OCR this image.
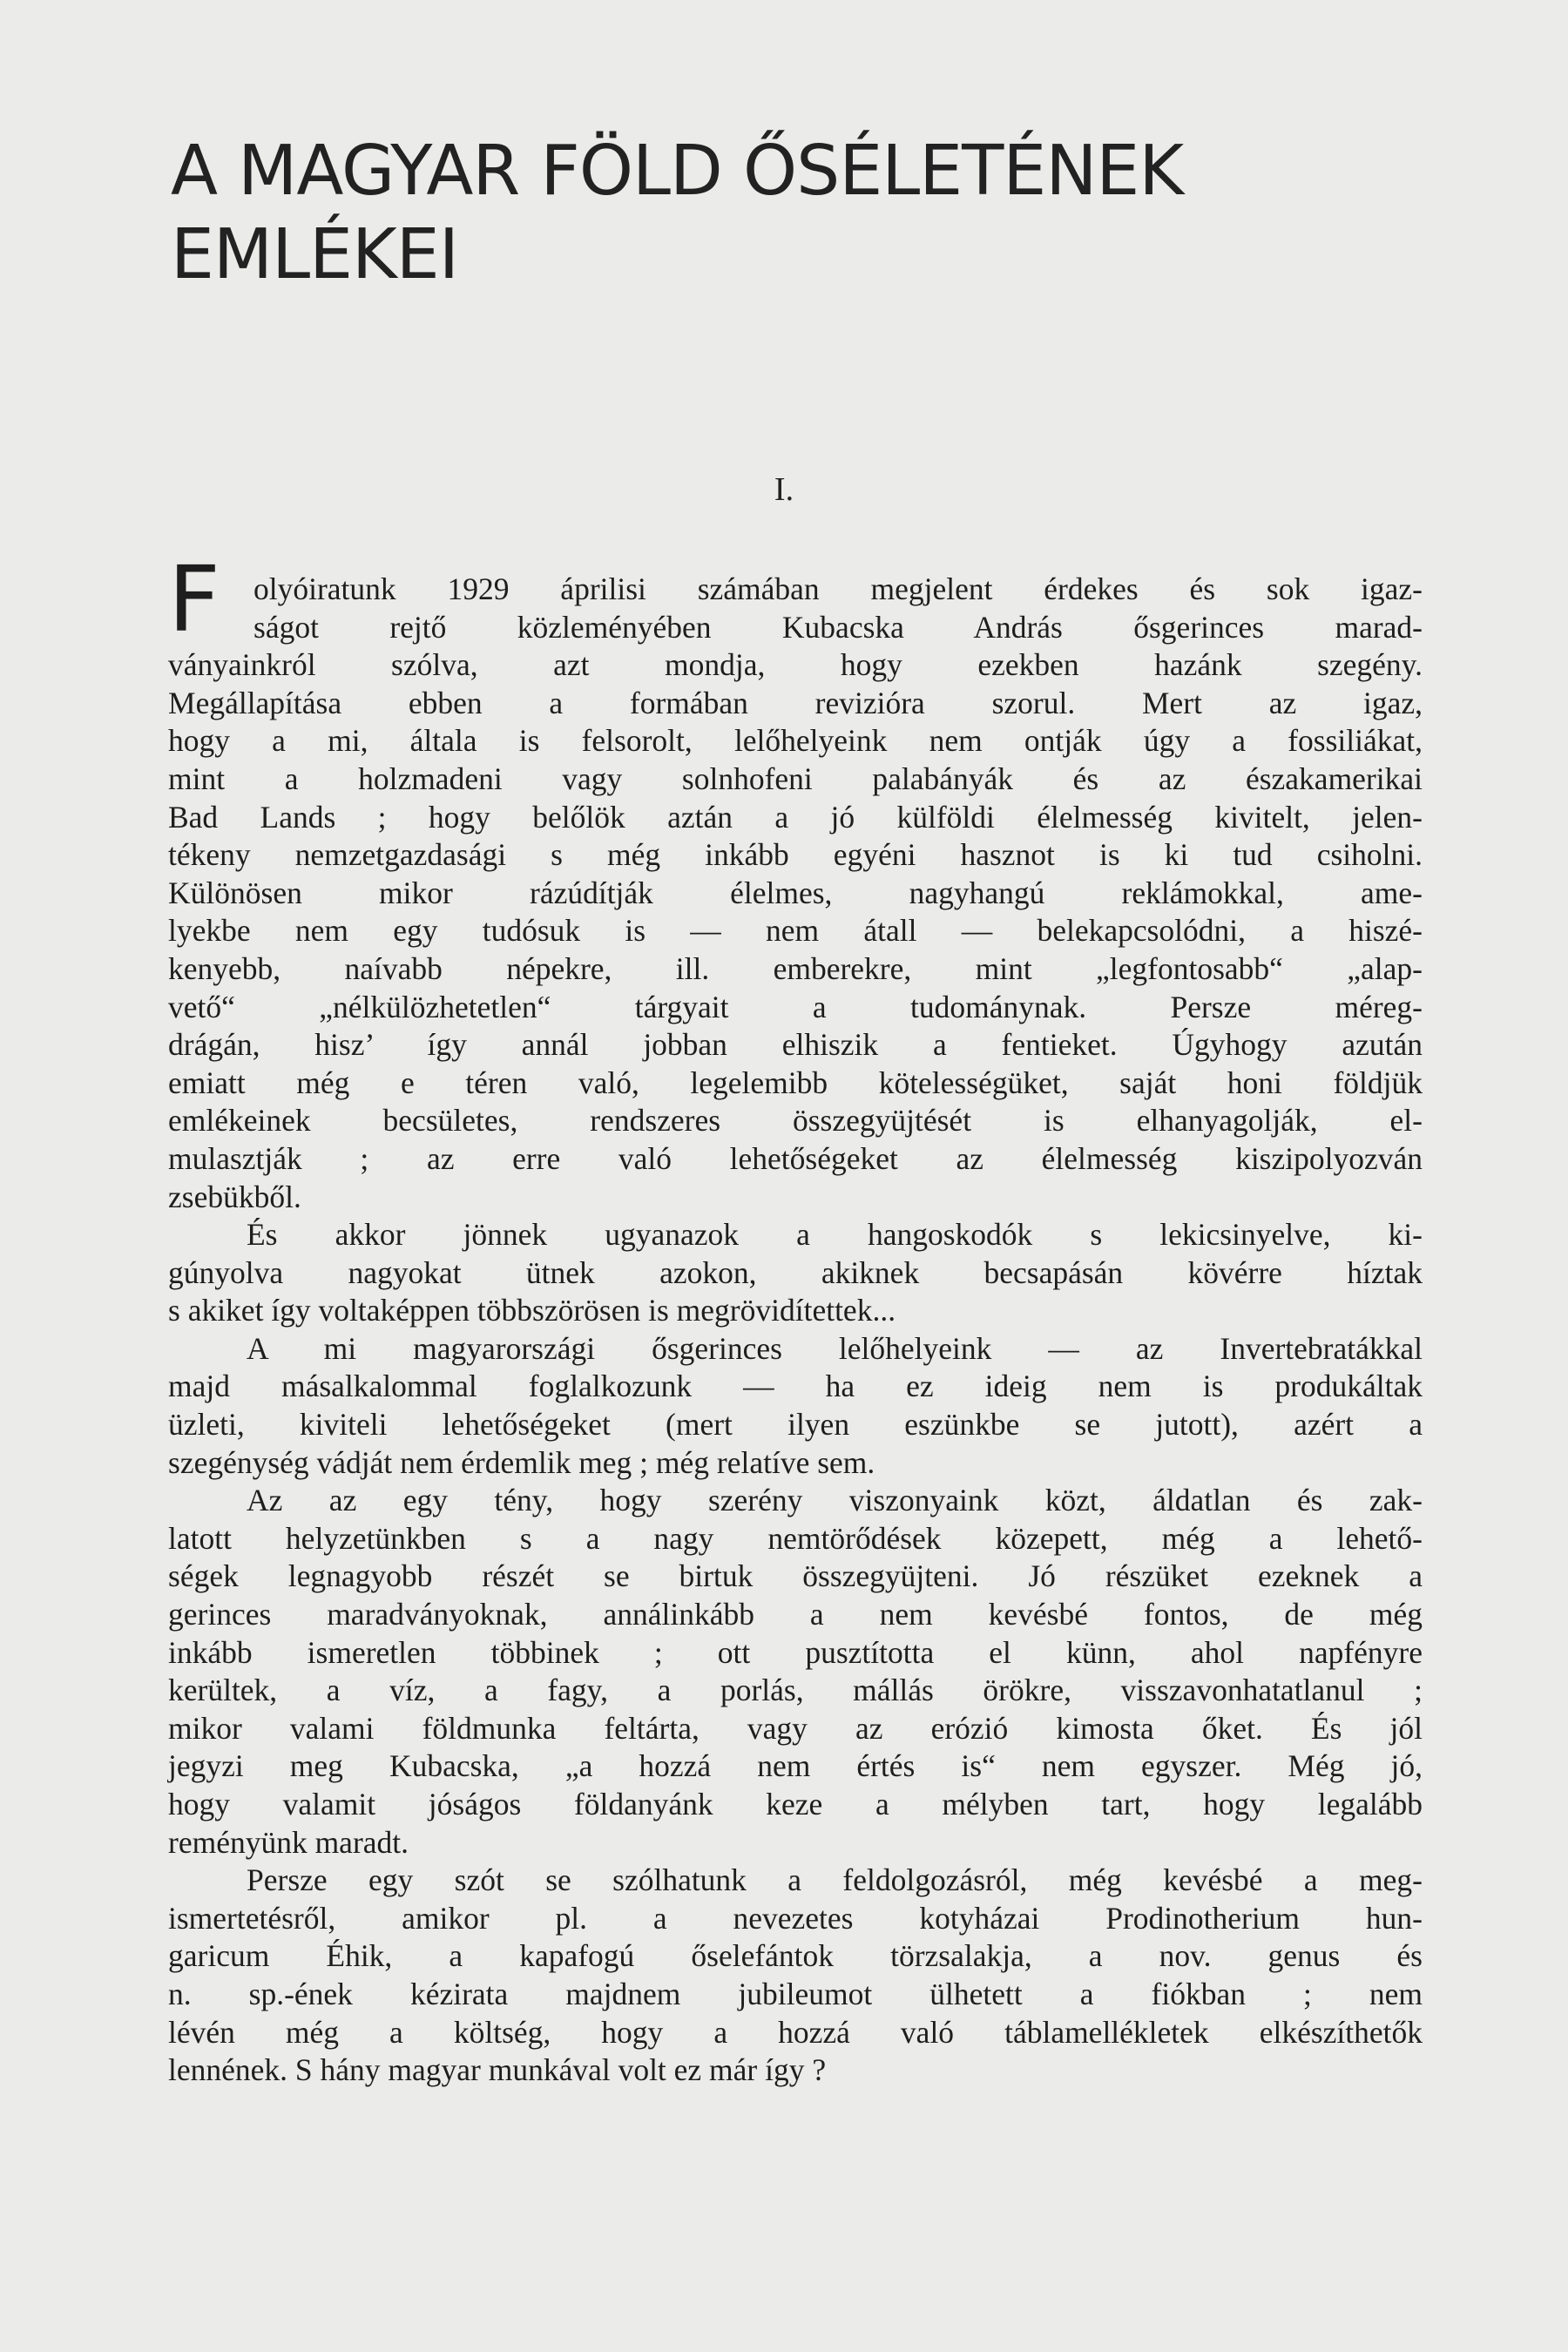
A MAGYAR FÖLD ŐSÉLETÉNEK
EMLÉKEI
I.
F	olyóiratunk 1929 áprilisi számában megjelent érdekes és sok igaz-
ságot rejtő közleményében Kubacska András ősgerinces marad-
ványainkról szólva, azt mondja, hogy ezekben hazánk szegény.
Megállapítása ebben a formában revizióra szorul. Mert az igaz,
hogy a mi, általa is felsorolt, lelőhelyeink nem ontják úgy a fossiliákat,
mint a holzmadeni vagy solnhofeni palabányák és az északamerikai
Bad Lands ; hogy belőlök aztán a jó külföldi élelmesség kivitelt, jelen-
tékeny nemzetgazdasági s még inkább egyéni hasznot is ki tud csiholni.
Különösen mikor rázúdítják élelmes, nagyhangú reklámokkal, ame-
lyekbe nem egy tudósuk is — nem átall — belekapcsolódni, a hiszé-
kenyebb, naívabb népekre, ill. emberekre, mint „legfontosabb“ „alap-
vető“ „nélkülözhetetlen“ tárgyait a tudománynak. Persze méreg-
drágán, hisz’ így annál jobban elhiszik a fentieket. Úgyhogy azután
emiatt még e téren való, legelemibb kötelességüket, saját honi földjük
emlékeinek becsületes, rendszeres összegyüjtését is elhanyagolják, el-
mulasztják ; az erre való lehetőségeket az élelmesség kiszipolyozván
zsebükből.
És akkor jönnek ugyanazok a hangoskodók s lekicsinyelve, ki-
gúnyolva nagyokat ütnek azokon, akiknek becsapásán kövérre híztak
s akiket így voltaképpen többszörösen is megrövidítettek...
A mi magyarországi ősgerinces lelőhelyeink — az Invertebratákkal
majd másalkalommal foglalkozunk — ha ez ideig nem is produkáltak
üzleti, kiviteli lehetőségeket (mert ilyen eszünkbe se jutott), azért a
szegénység vádját nem érdemlik meg ; még relatíve sem.
Az az egy tény, hogy szerény viszonyaink közt, áldatlan és zak-
latott helyzetünkben s a nagy nemtörődések közepett, még a lehető-
ségek legnagyobb részét se birtuk összegyüjteni. Jó részüket ezeknek a
gerinces maradványoknak, annálinkább a nem kevésbé fontos, de még
inkább ismeretlen többinek ; ott pusztította el künn, ahol napfényre
kerültek, a víz, a fagy, a porlás, mállás örökre, visszavonhatatlanul ;
mikor valami földmunka feltárta, vagy az erózió kimosta őket. És jól
jegyzi meg Kubacska, „a hozzá nem értés is“ nem egyszer. Még jó,
hogy valamit jóságos földanyánk keze a mélyben tart, hogy legalább
reményünk maradt.
Persze egy szót se szólhatunk a feldolgozásról, még kevésbé a meg-
ismertetésről, amikor pl. a nevezetes kotyházai Prodinotherium hun-
garicum Éhik, a kapafogú őselefántok törzsalakja, a nov. genus és
n. sp.-ének kézirata majdnem jubileumot ülhetett a fiókban ; nem
lévén még a költség, hogy a hozzá való táblamellékletek elkészíthetők
lennének. S hány magyar munkával volt ez már így ?
